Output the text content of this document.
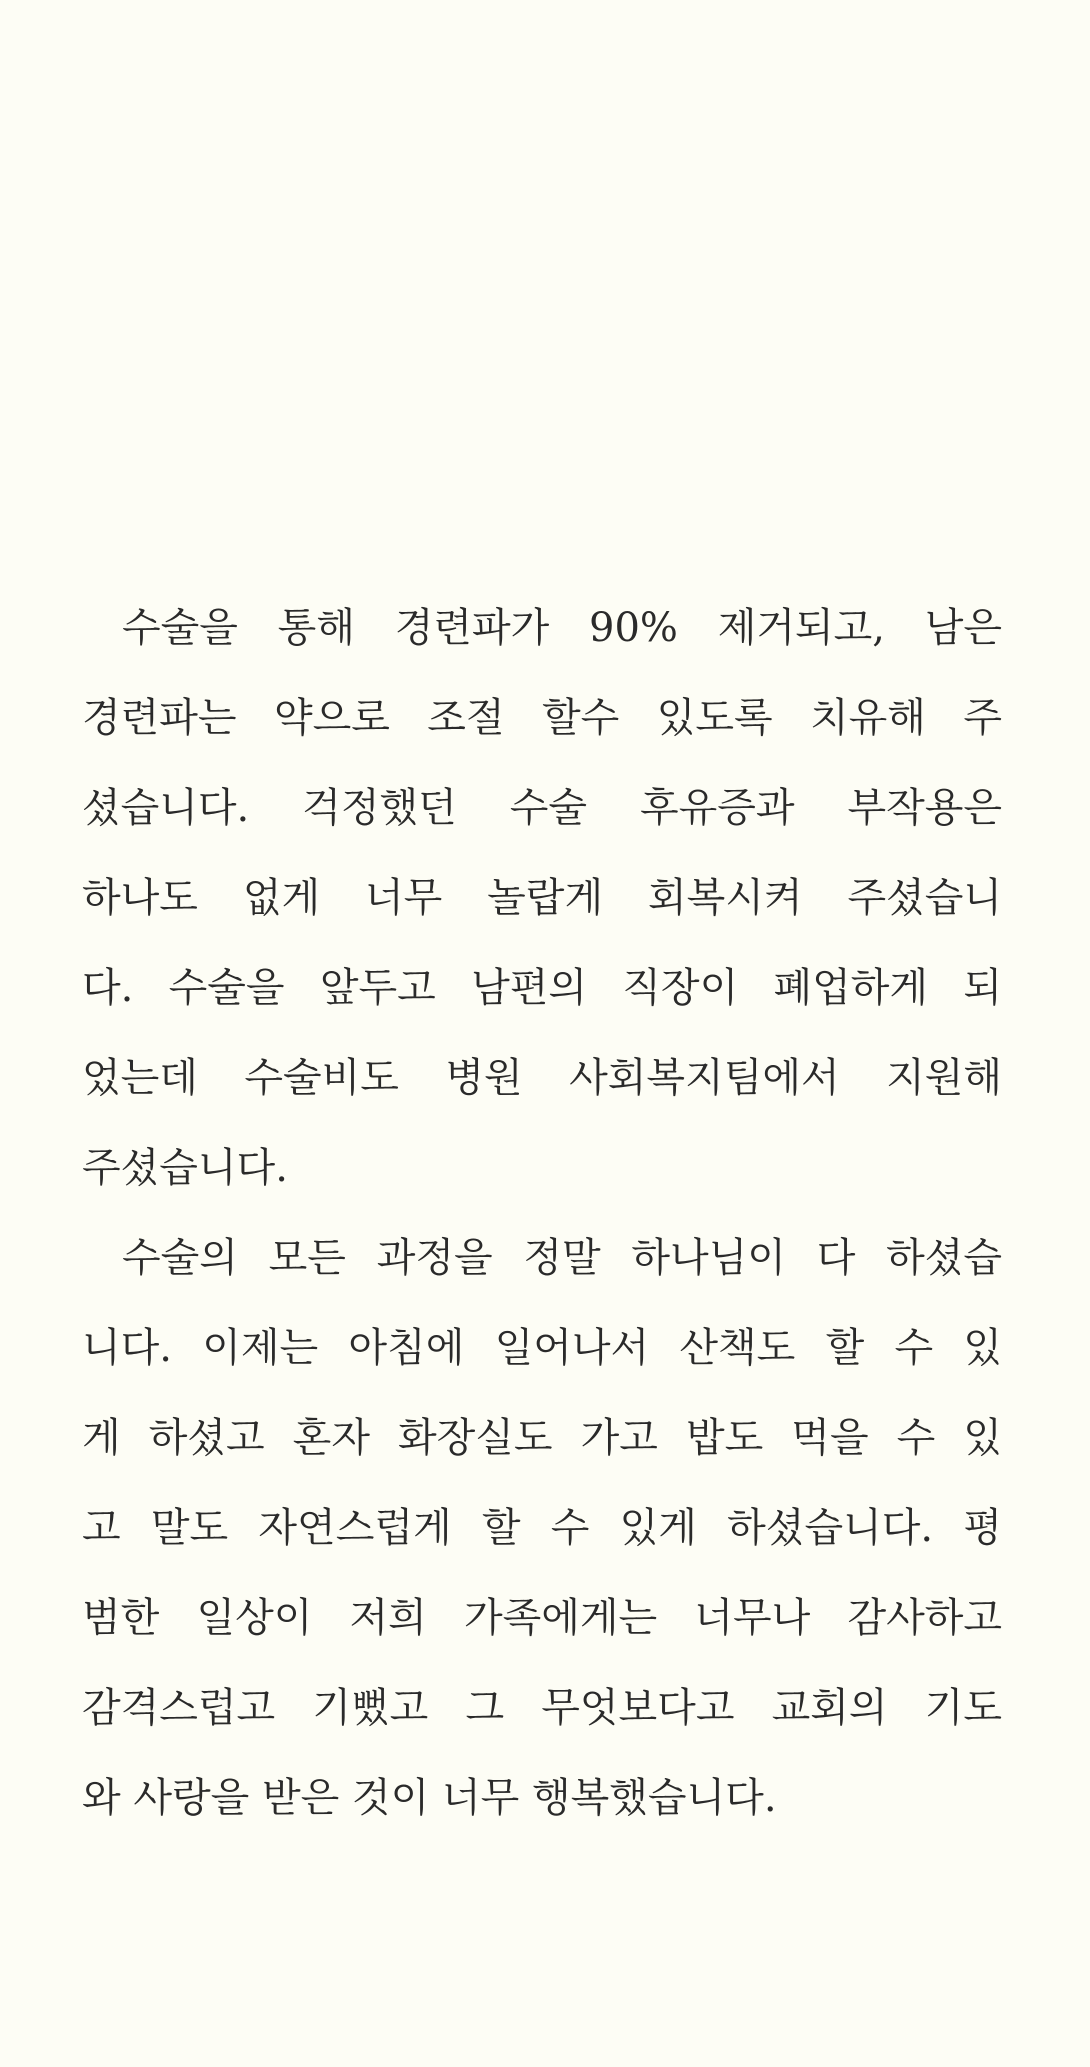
수술을 통해 경련파가 90% 제거되고, 남은
경련파는 약으로 조절 할수 있도록 치유해 주
셨습니다. 걱정했던 수술 후유증과 부작용은
하나도 없게 너무 놀랍게 회복시켜 주셨습니
다. 수술을 앞두고 남편의 직장이 폐업하게 되
었는데 수술비도 병원 사회복지팀에서 지원해
주셨습니다.
수술의 모든 과정을 정말 하나님이 다 하셨습
니다. 이제는 아침에 일어나서 산책도 할 수 있
게 하셨고 혼자 화장실도 가고 밥도 먹을 수 있
고 말도 자연스럽게 할 수 있게 하셨습니다. 평
범한 일상이 저희 가족에게는 너무나 감사하고
감격스럽고 기뻤고 그 무엇보다고 교회의 기도
와 사랑을 받은 것이 너무 행복했습니다.
